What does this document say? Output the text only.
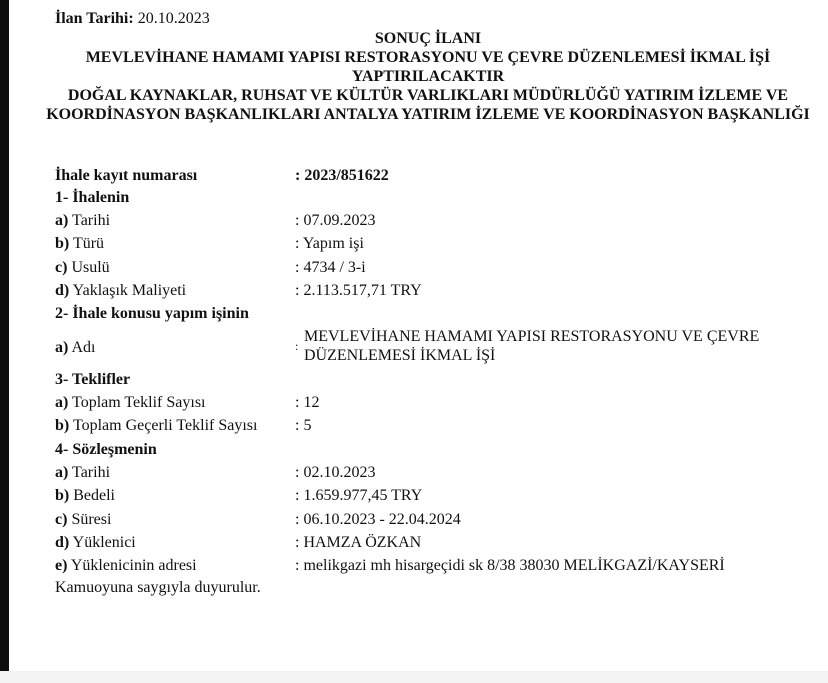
İlan Tarihi: 20.10.2023
SONUÇ İLANI
MEVLEVİHANE HAMAMI YAPISI RESTORASYONU VE ÇEVRE DÜZENLEMESİ İKMAL İŞİ YAPTIRILACAKTIR
DOĞAL KAYNAKLAR, RUHSAT VE KÜLTÜR VARLIKLARI MÜDÜRLÜĞÜ YATIRIM İZLEME VE KOORDİNASYON BAŞKANLIKLARI ANTALYA YATIRIM İZLEME VE KOORDİNASYON BAŞKANLIĞI
İhale kayıt numarası	: 2023/851622
1- İhalenin
a) Tarihi	: 07.09.2023
b) Türü	: Yapım işi
c) Usulü	: 4734 / 3-i
d) Yaklaşık Maliyeti	: 2.113.517,71 TRY
2- İhale konusu yapım işinin
a) Adı	:
MEVLEVİHANE HAMAMI YAPISI RESTORASYONU VE ÇEVRE DÜZENLEMESİ İKMAL İŞİ
3- Teklifler
a) Toplam Teklif Sayısı	: 12
b) Toplam Geçerli Teklif Sayısı : 5
4- Sözleşmenin
a) Tarihi	: 02.10.2023
b) Bedeli	: 1.659.977,45 TRY
c) Süresi	: 06.10.2023 - 22.04.2024
d) Yüklenici	: HAMZA ÖZKAN
e) Yüklenicinin adresi	: melikgazi mh hisargeçidi sk 8/38 38030 MELİKGAZİ/KAYSERİ
Kamuoyuna saygıyla duyurulur.
